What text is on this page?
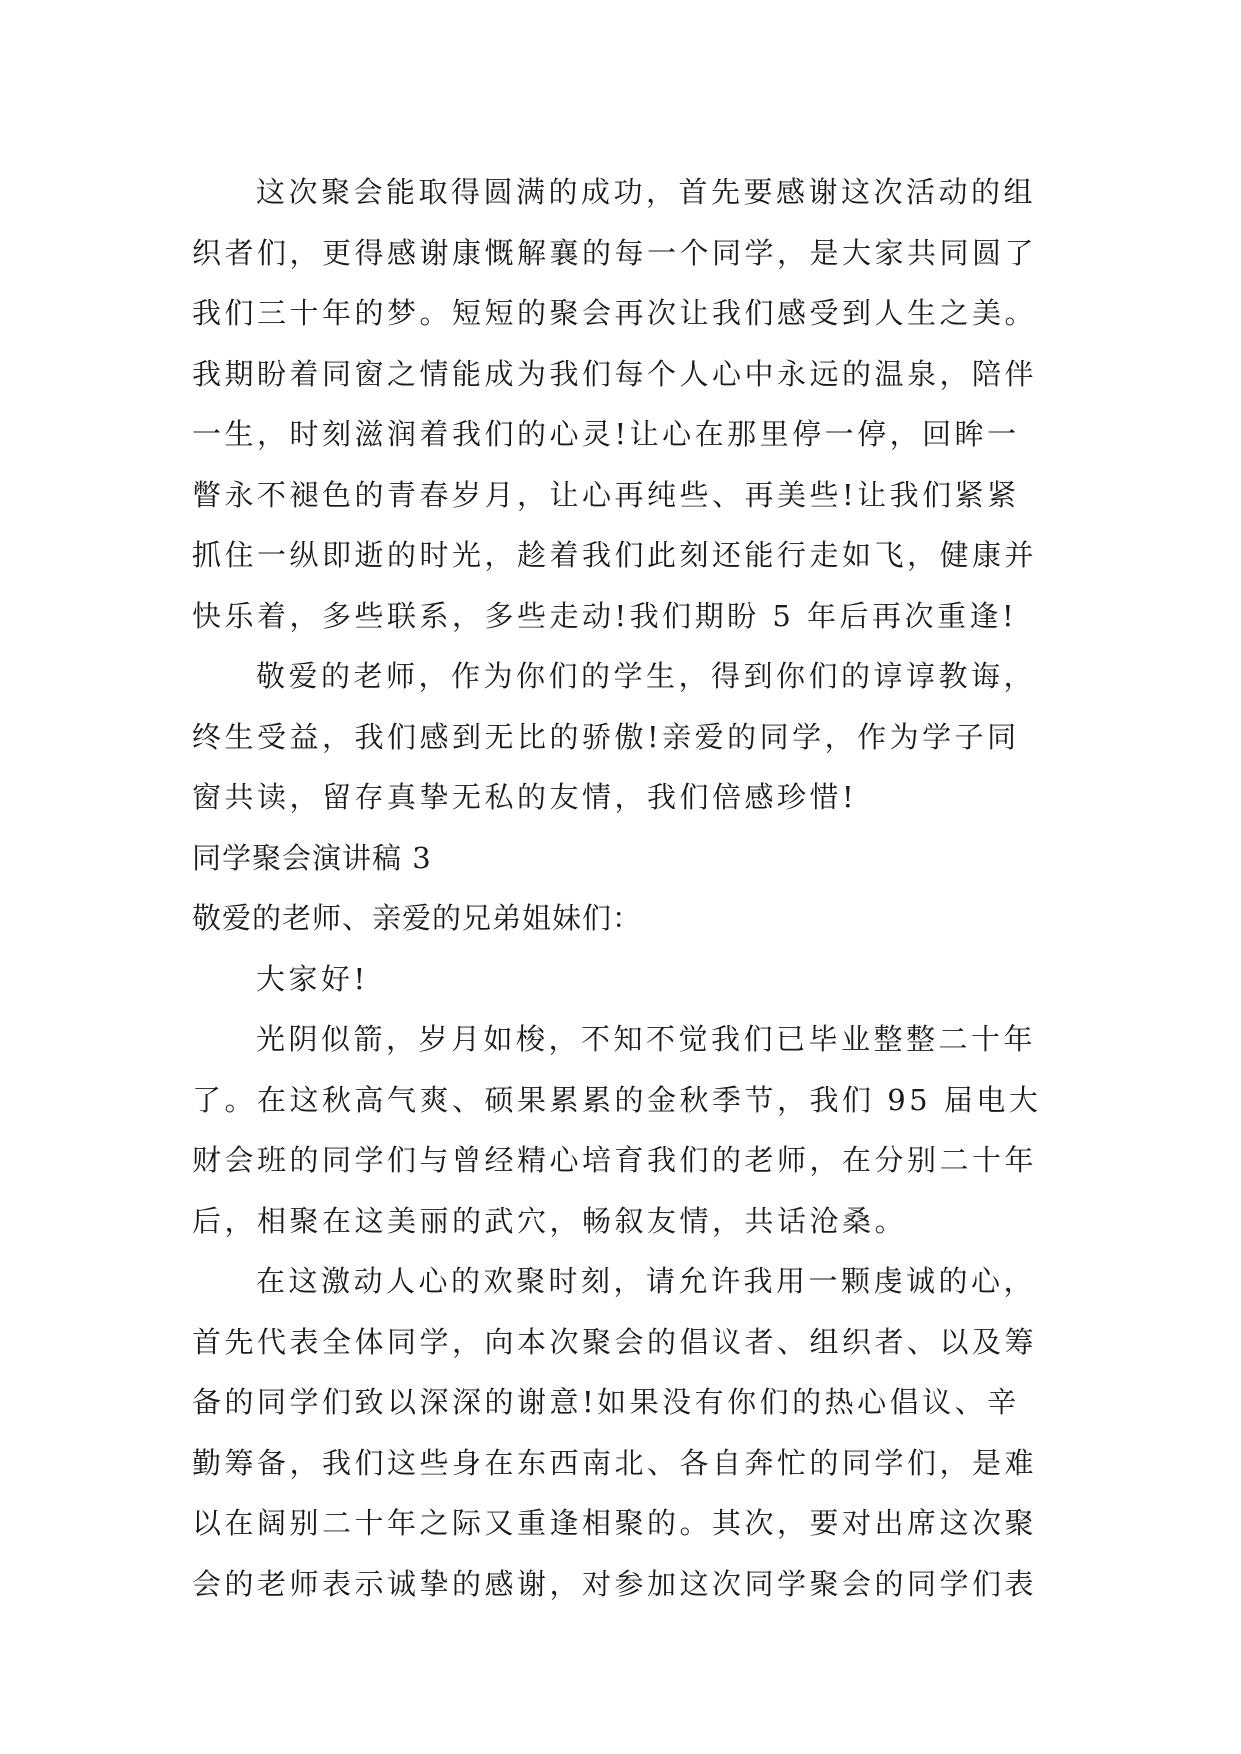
这次聚会能取得圆满的成功，首先要感谢这次活动的组
织者们，更得感谢康慨解襄的每一个同学，是大家共同圆了
我们三十年的梦。短短的聚会再次让我们感受到人生之美。
我期盼着同窗之情能成为我们每个人心中永远的温泉，陪伴
一生，时刻滋润着我们的心灵!让心在那里停一停，回眸一
瞥永不褪色的青春岁月，让心再纯些、再美些!让我们紧紧
抓住一纵即逝的时光，趁着我们此刻还能行走如飞，健康并
快乐着，多些联系，多些走动!我们期盼 5 年后再次重逢!
敬爱的老师，作为你们的学生，得到你们的谆谆教诲，
终生受益，我们感到无比的骄傲!亲爱的同学，作为学子同
窗共读，留存真挚无私的友情，我们倍感珍惜!
同学聚会演讲稿 3
敬爱的老师、亲爱的兄弟姐妹们：
大家好!
光阴似箭，岁月如梭，不知不觉我们已毕业整整二十年
了。在这秋高气爽、硕果累累的金秋季节，我们 95 届电大
财会班的同学们与曾经精心培育我们的老师，在分别二十年
后，相聚在这美丽的武穴，畅叙友情，共话沧桑。
在这激动人心的欢聚时刻，请允许我用一颗虔诚的心，
首先代表全体同学，向本次聚会的倡议者、组织者、以及筹
备的同学们致以深深的谢意!如果没有你们的热心倡议、辛
勤筹备，我们这些身在东西南北、各自奔忙的同学们，是难
以在阔别二十年之际又重逢相聚的。其次，要对出席这次聚
会的老师表示诚挚的感谢，对参加这次同学聚会的同学们表
